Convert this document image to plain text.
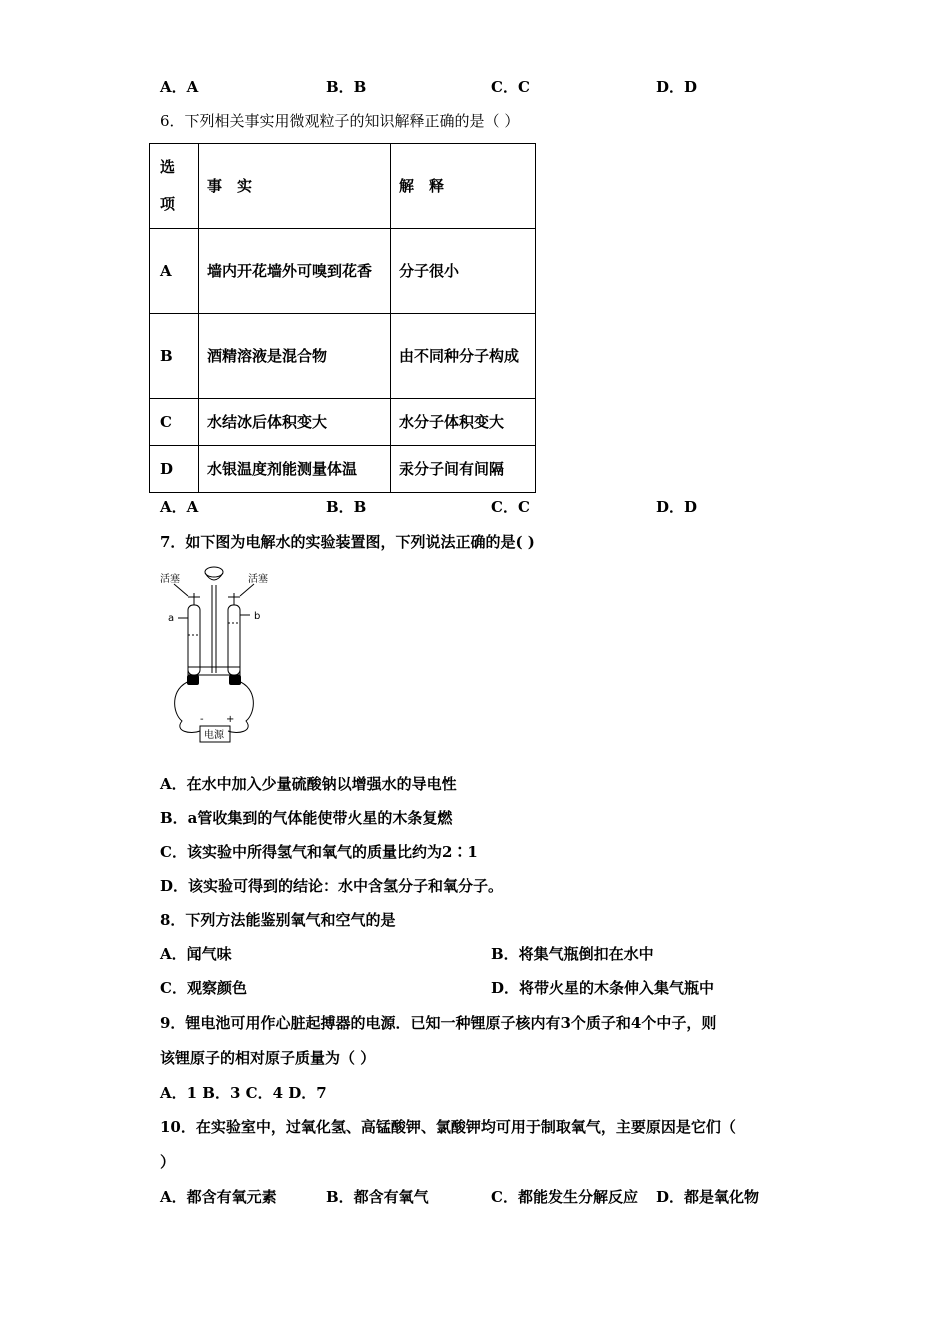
A．A	B．B	C．C	D．D
6．下列相关事实用微观粒子的知识解释正确的是（ ）
选项	事　实	解　释
A	墙内开花墙外可嗅到花香	分子很小
B	酒精溶液是混合物	由不同种分子构成
C	水结冰后体积变大	水分子体积变大
D	水银温度剂能测量体温	汞分子间有间隔
A．A	B．B	C．C	D．D
7．如下图为电解水的实验装置图，下列说法正确的是( )
活塞	活塞
a	b
- +
电源
A．在水中加入少量硫酸钠以增强水的导电性
B．a管收集到的气体能使带火星的木条复燃
C．该实验中所得氢气和氧气的质量比约为2∶1
D．该实验可得到的结论：水中含氢分子和氧分子。
8．下列方法能鉴别氧气和空气的是
A．闻气味	B．将集气瓶倒扣在水中
C．观察颜色	D．将带火星的木条伸入集气瓶中
9．锂电池可用作心脏起搏器的电源．已知一种锂原子核内有3个质子和4个中子，则
该锂原子的相对原子质量为（ ）
A．1 B．3 C．4 D．7
10．在实验室中，过氧化氢、高锰酸钾、氯酸钾均可用于制取氧气，主要原因是它们（
）
A．都含有氧元素	B．都含有氧气	C．都能发生分解反应 D．都是氧化物
